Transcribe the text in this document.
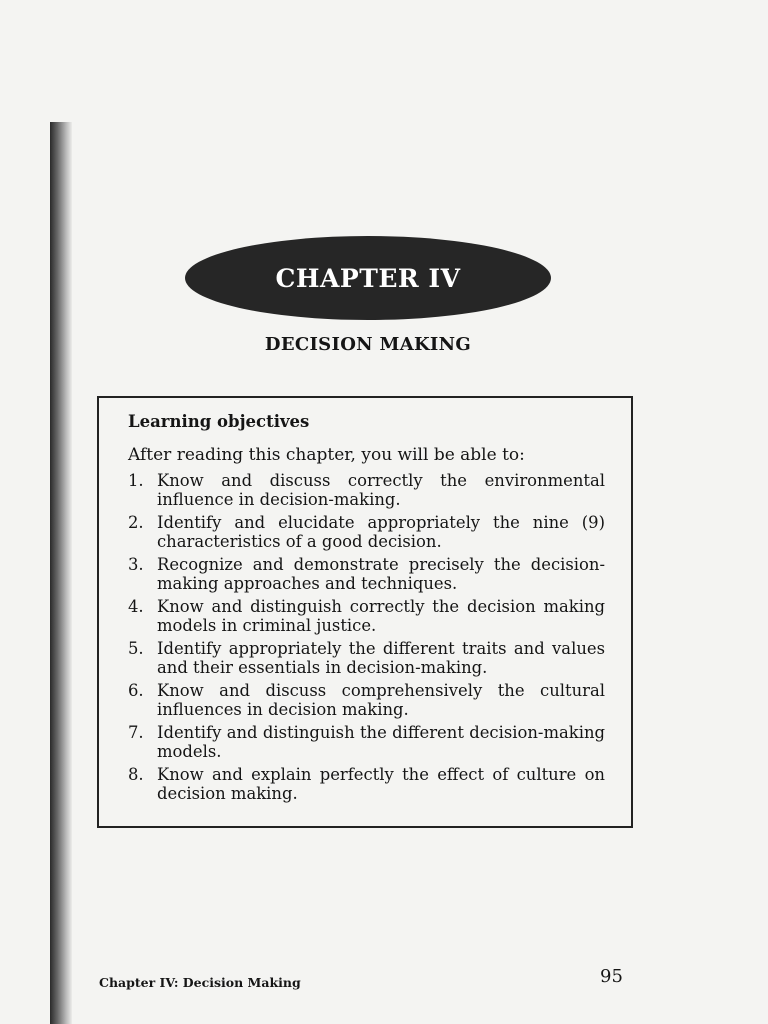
CHAPTER IV
DECISION MAKING
Learning objectives
After reading this chapter, you will be able to:
1. Know and discuss correctly the environmental influence in decision-making.
2. Identify and elucidate appropriately the nine (9) characteristics of a good decision.
3. Recognize and demonstrate precisely the decision-making approaches and techniques.
4. Know and distinguish correctly the decision making models in criminal justice.
5. Identify appropriately the different traits and values and their essentials in decision-making.
6. Know and discuss comprehensively the cultural influences in decision making.
7. Identify and distinguish the different decision-making models.
8. Know and explain perfectly the effect of culture on decision making.
Chapter IV: Decision Making	95
